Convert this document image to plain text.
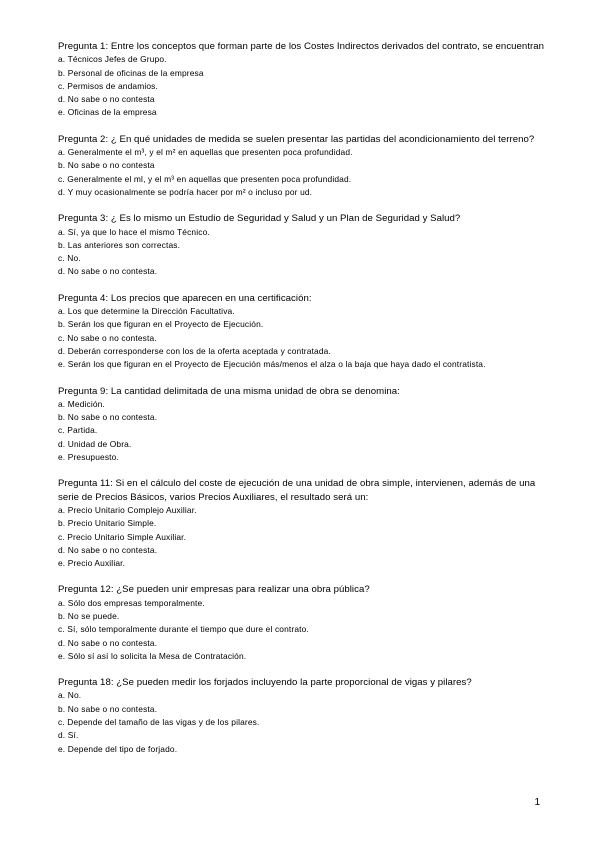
Pregunta 1: Entre los conceptos que forman parte de los Costes Indirectos derivados del contrato, se encuentran

a. Técnicos Jefes de Grupo.
b. Personal de oficinas de la empresa
c. Permisos de andamios.
d. No sabe o no contesta
e. Oficinas de la empresa

Pregunta 2: ¿ En qué unidades de medida se suelen presentar las partidas del acondicionamiento del terreno?

a. Generalmente el m³, y el m² en aquellas que presenten poca profundidad.
b. No sabe o no contesta
c. Generalmente el ml, y el m³ en aquellas que presenten poca profundidad.
d. Y muy ocasionalmente se podría hacer por m² o incluso por ud.

Pregunta 3: ¿ Es lo mismo un Estudio de Seguridad y Salud y un Plan de Seguridad y Salud?

a. Sí, ya que lo hace el mismo Técnico.
b. Las anteriores son correctas.
c. No.
d. No sabe o no contesta.

Pregunta 4: Los precios que aparecen en una certificación:

a. Los que determine la Dirección Facultativa.
b. Serán los que figuran en el Proyecto de Ejecución.
c. No sabe o no contesta.
d. Deberán corresponderse con los de la oferta aceptada y contratada.
e. Serán los que figuran en el Proyecto de Ejecución más/menos el alza o la baja que haya dado el contratista.

Pregunta 9: La cantidad delimitada de una misma unidad de obra se denomina:

a. Medición.
b. No sabe o no contesta.
c. Partida.
d. Unidad de Obra.
e. Presupuesto.

Pregunta 11: Si en el cálculo del coste de ejecución de una unidad de obra simple, intervienen, además de una serie de Precios Básicos, varios Precios Auxiliares, el resultado será un:

a. Precio Unitario Complejo Auxiliar.
b. Precio Unitario Simple.
c. Precio Unitario Simple Auxiliar.
d. No sabe o no contesta.
e. Precio Auxiliar.

Pregunta 12: ¿Se pueden unir empresas para realizar una obra pública?

a. Sólo dos empresas temporalmente.
b. No se puede.
c. Sí, sólo temporalmente durante el tiempo que dure el contrato.
d. No sabe o no contesta.
e. Sólo sí así lo solicita la Mesa de Contratación.

Pregunta 18: ¿Se pueden medir los forjados incluyendo la parte proporcional de vigas y pilares?

a. No.
b. No sabe o no contesta.
c. Depende del tamaño de las vigas y de los pilares.
d. Sí.
e. Depende del tipo de forjado.
1
